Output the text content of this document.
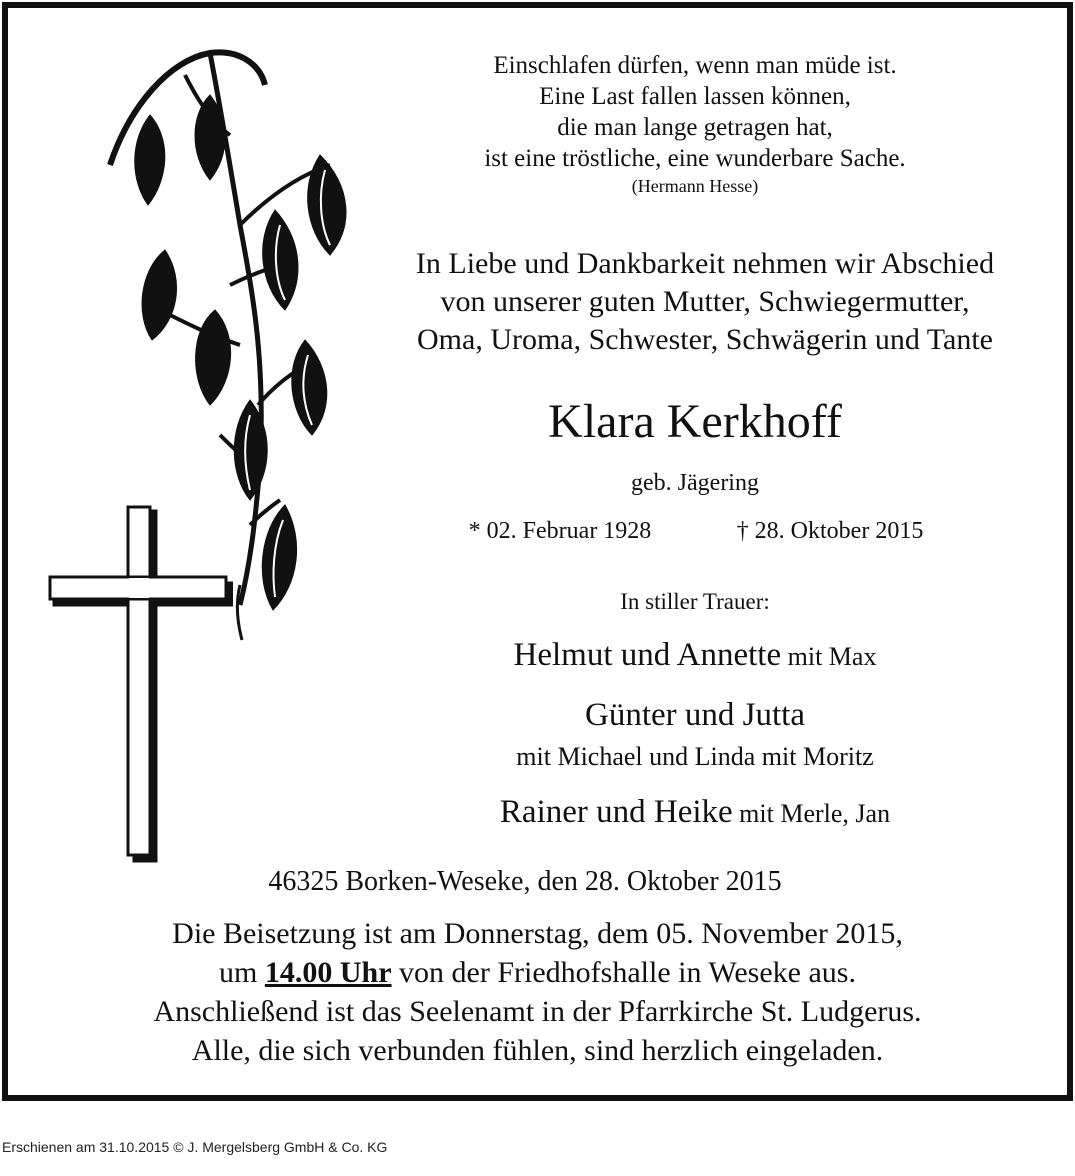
Einschlafen dürfen, wenn man müde ist.
Eine Last fallen lassen können,
die man lange getragen hat,
ist eine tröstliche, eine wunderbare Sache.
(Hermann Hesse)
In Liebe und Dankbarkeit nehmen wir Abschied
von unserer guten Mutter, Schwiegermutter,
Oma, Uroma, Schwester, Schwägerin und Tante
Klara Kerkhoff
geb. Jägering
* 02. Februar 1928	† 28. Oktober 2015
In stiller Trauer:
Helmut und Annette mit Max
Günter und Jutta
mit Michael und Linda mit Moritz
Rainer und Heike mit Merle, Jan
46325 Borken-Weseke, den 28. Oktober 2015
Die Beisetzung ist am Donnerstag, dem 05. November 2015,
um 14.00 Uhr von der Friedhofshalle in Weseke aus.
Anschließend ist das Seelenamt in der Pfarrkirche St. Ludgerus.
Alle, die sich verbunden fühlen, sind herzlich eingeladen.
Erschienen am 31.10.2015 © J. Mergelsberg GmbH & Co. KG
